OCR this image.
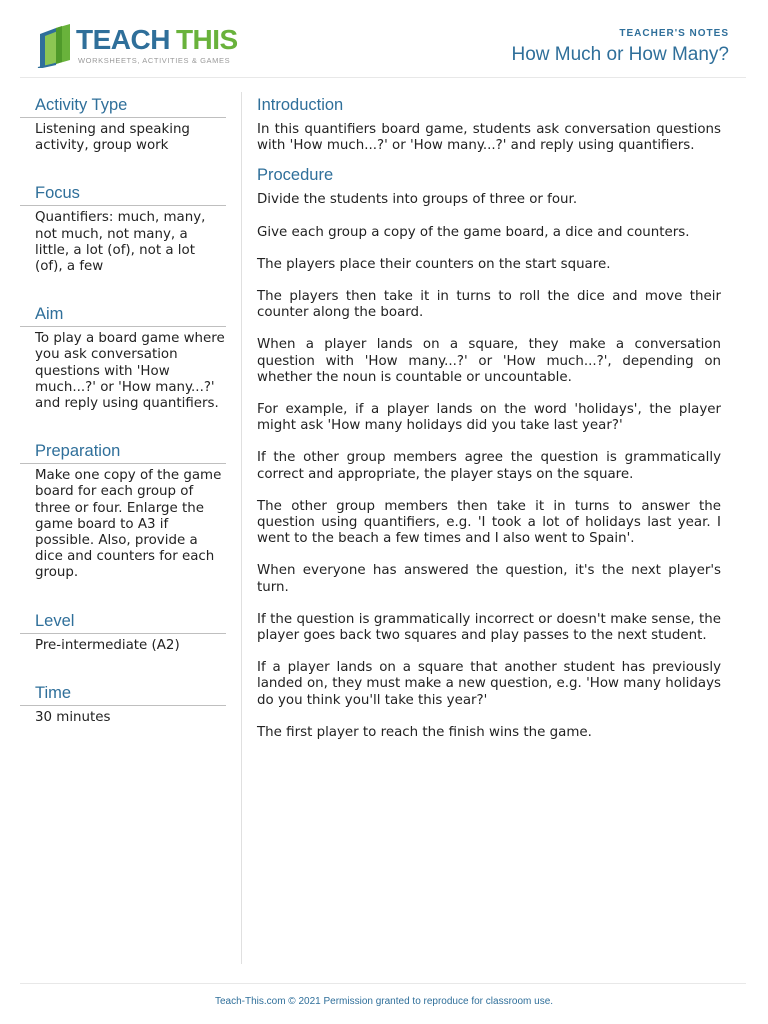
TEACH THIS
WORKSHEETS, ACTIVITIES & GAMES
TEACHER'S NOTES
How Much or How Many?
Activity Type
Listening and speaking activity, group work
Focus
Quantifiers: much, many, not much, not many, a little, a lot (of), not a lot (of), a few
Aim
To play a board game where you ask conversation questions with 'How much...?' or 'How many...?' and reply using quantifiers.
Preparation
Make one copy of the game board for each group of three or four. Enlarge the game board to A3 if possible. Also, provide a dice and counters for each group.
Level
Pre-intermediate (A2)
Time
30 minutes
Introduction
In this quantifiers board game, students ask conversation questions with 'How much...?' or 'How many...?' and reply using quantifiers.
Procedure

Divide the students into groups of three or four.

Give each group a copy of the game board, a dice and counters.

The players place their counters on the start square.

The players then take it in turns to roll the dice and move their counter along the board.

When a player lands on a square, they make a conversation question with 'How many...?' or 'How much...?', depending on whether the noun is countable or uncountable.

For example, if a player lands on the word 'holidays', the player might ask 'How many holidays did you take last year?'

If the other group members agree the question is grammatically correct and appropriate, the player stays on the square.

The other group members then take it in turns to answer the question using quantifiers, e.g. 'I took a lot of holidays last year. I went to the beach a few times and I also went to Spain'.

When everyone has answered the question, it's the next player's turn.

If the question is grammatically incorrect or doesn't make sense, the player goes back two squares and play passes to the next student.

If a player lands on a square that another student has previously landed on, they must make a new question, e.g. 'How many holidays do you think you'll take this year?'

The first player to reach the finish wins the game.

Teach-This.com © 2021 Permission granted to reproduce for classroom use.
